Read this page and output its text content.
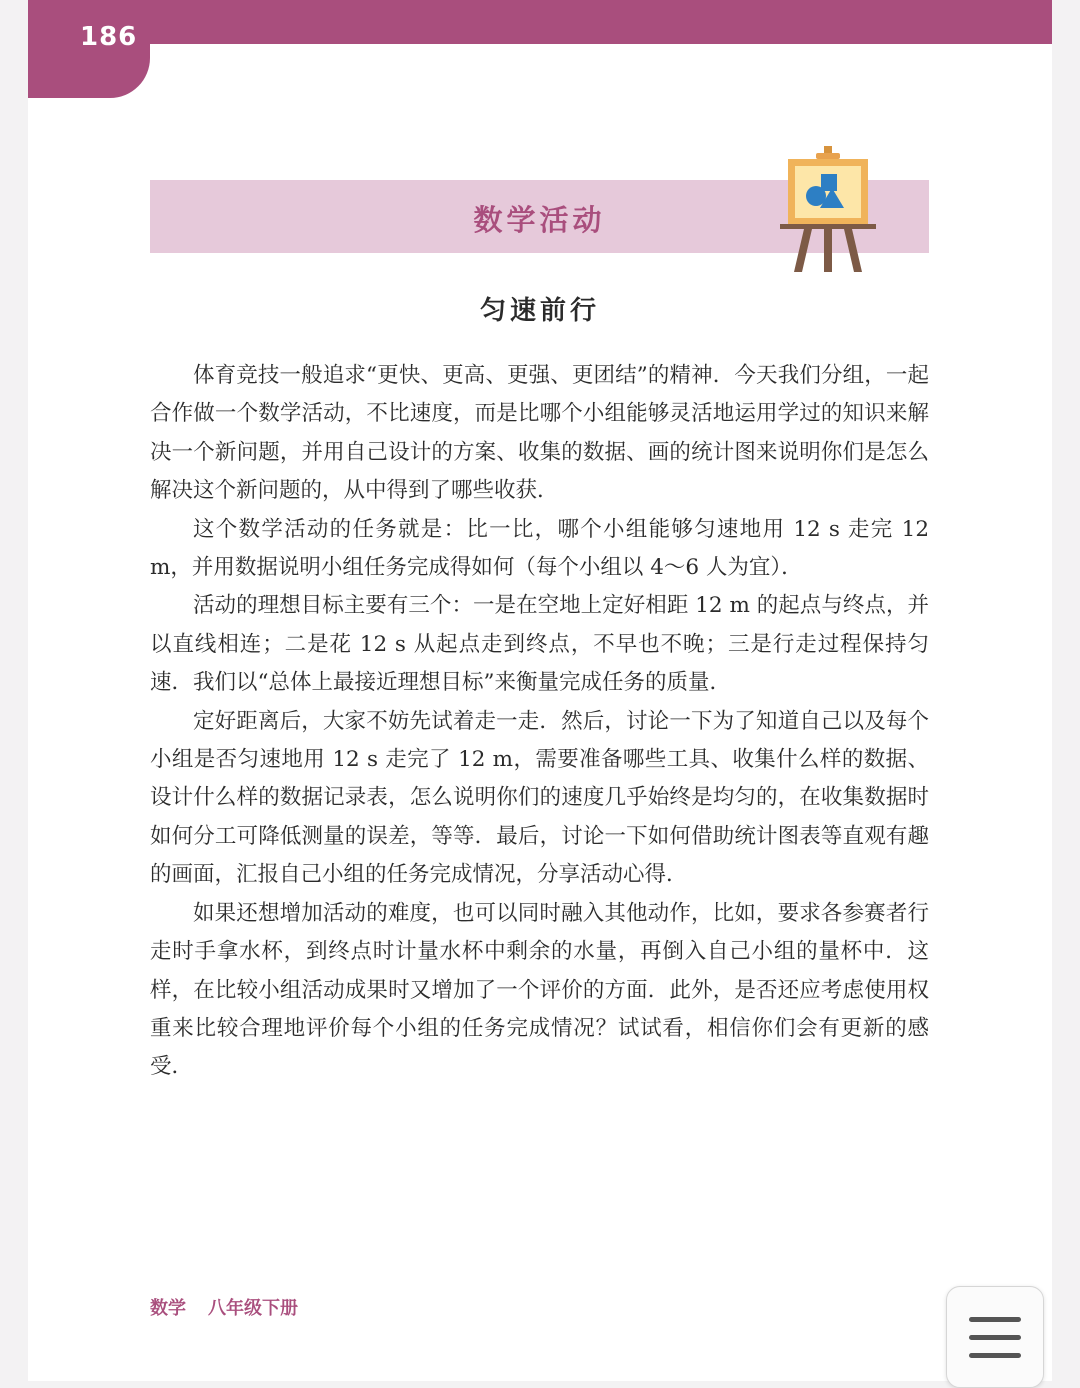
186
数学活动
匀速前行

体育竞技一般追求“更快、更高、更强、更团结”的精神．今天我们分组，一起合作做一个数学活动，不比速度，而是比哪个小组能够灵活地运用学过的知识来解决一个新问题，并用自己设计的方案、收集的数据、画的统计图来说明你们是怎么解决这个新问题的，从中得到了哪些收获．

这个数学活动的任务就是：比一比，哪个小组能够匀速地用 12 s 走完 12 m，并用数据说明小组任务完成得如何（每个小组以 4～6 人为宜）．

活动的理想目标主要有三个：一是在空地上定好相距 12 m 的起点与终点，并以直线相连；二是花 12 s 从起点走到终点，不早也不晚；三是行走过程保持匀速．我们以“总体上最接近理想目标”来衡量完成任务的质量．

定好距离后，大家不妨先试着走一走．然后，讨论一下为了知道自己以及每个小组是否匀速地用 12 s 走完了 12 m，需要准备哪些工具、收集什么样的数据、设计什么样的数据记录表，怎么说明你们的速度几乎始终是均匀的，在收集数据时如何分工可降低测量的误差，等等．最后，讨论一下如何借助统计图表等直观有趣的画面，汇报自己小组的任务完成情况，分享活动心得．

如果还想增加活动的难度，也可以同时融入其他动作，比如，要求各参赛者行走时手拿水杯，到终点时计量水杯中剩余的水量，再倒入自己小组的量杯中．这样，在比较小组活动成果时又增加了一个评价的方面．此外，是否还应考虑使用权重来比较合理地评价每个小组的任务完成情况？试试看，相信你们会有更新的感受．

数学 八年级下册
